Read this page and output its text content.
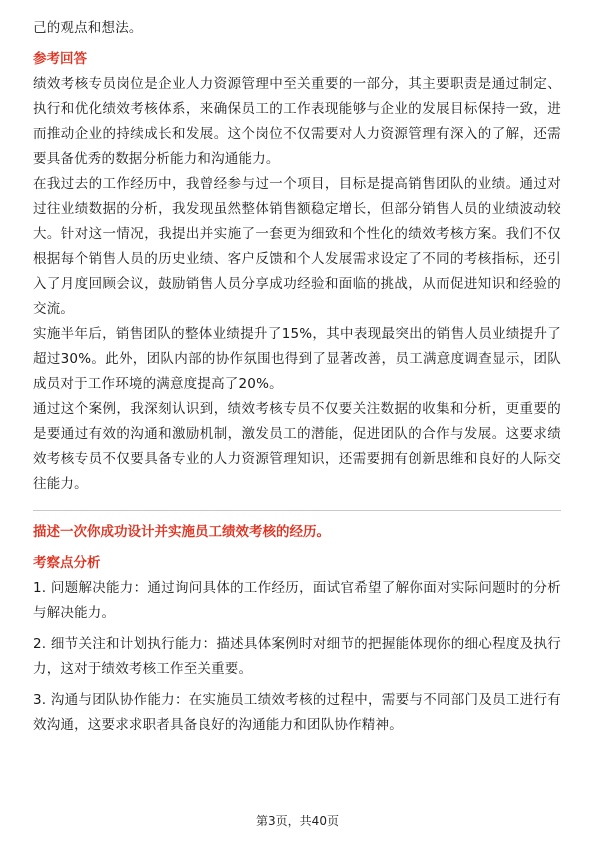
己的观点和想法。

参考回答

绩效考核专员岗位是企业人力资源管理中至关重要的一部分，其主要职责是通过制定、执行和优化绩效考核体系，来确保员工的工作表现能够与企业的发展目标保持一致，进而推动企业的持续成长和发展。这个岗位不仅需要对人力资源管理有深入的了解，还需要具备优秀的数据分析能力和沟通能力。

在我过去的工作经历中，我曾经参与过一个项目，目标是提高销售团队的业绩。通过对过往业绩数据的分析，我发现虽然整体销售额稳定增长，但部分销售人员的业绩波动较大。针对这一情况，我提出并实施了一套更为细致和个性化的绩效考核方案。我们不仅根据每个销售人员的历史业绩、客户反馈和个人发展需求设定了不同的考核指标，还引入了月度回顾会议，鼓励销售人员分享成功经验和面临的挑战，从而促进知识和经验的交流。

实施半年后，销售团队的整体业绩提升了15%，其中表现最突出的销售人员业绩提升了超过30%。此外，团队内部的协作氛围也得到了显著改善，员工满意度调查显示，团队成员对于工作环境的满意度提高了20%。

通过这个案例，我深刻认识到，绩效考核专员不仅要关注数据的收集和分析，更重要的是要通过有效的沟通和激励机制，激发员工的潜能，促进团队的合作与发展。这要求绩效考核专员不仅要具备专业的人力资源管理知识，还需要拥有创新思维和良好的人际交往能力。

描述一次你成功设计并实施员工绩效考核的经历。

考察点分析

1. 问题解决能力：通过询问具体的工作经历，面试官希望了解你面对实际问题时的分析与解决能力。

2. 细节关注和计划执行能力：描述具体案例时对细节的把握能体现你的细心程度及执行力，这对于绩效考核工作至关重要。

3. 沟通与团队协作能力：在实施员工绩效考核的过程中，需要与不同部门及员工进行有效沟通，这要求求职者具备良好的沟通能力和团队协作精神。

第3页，共40页
